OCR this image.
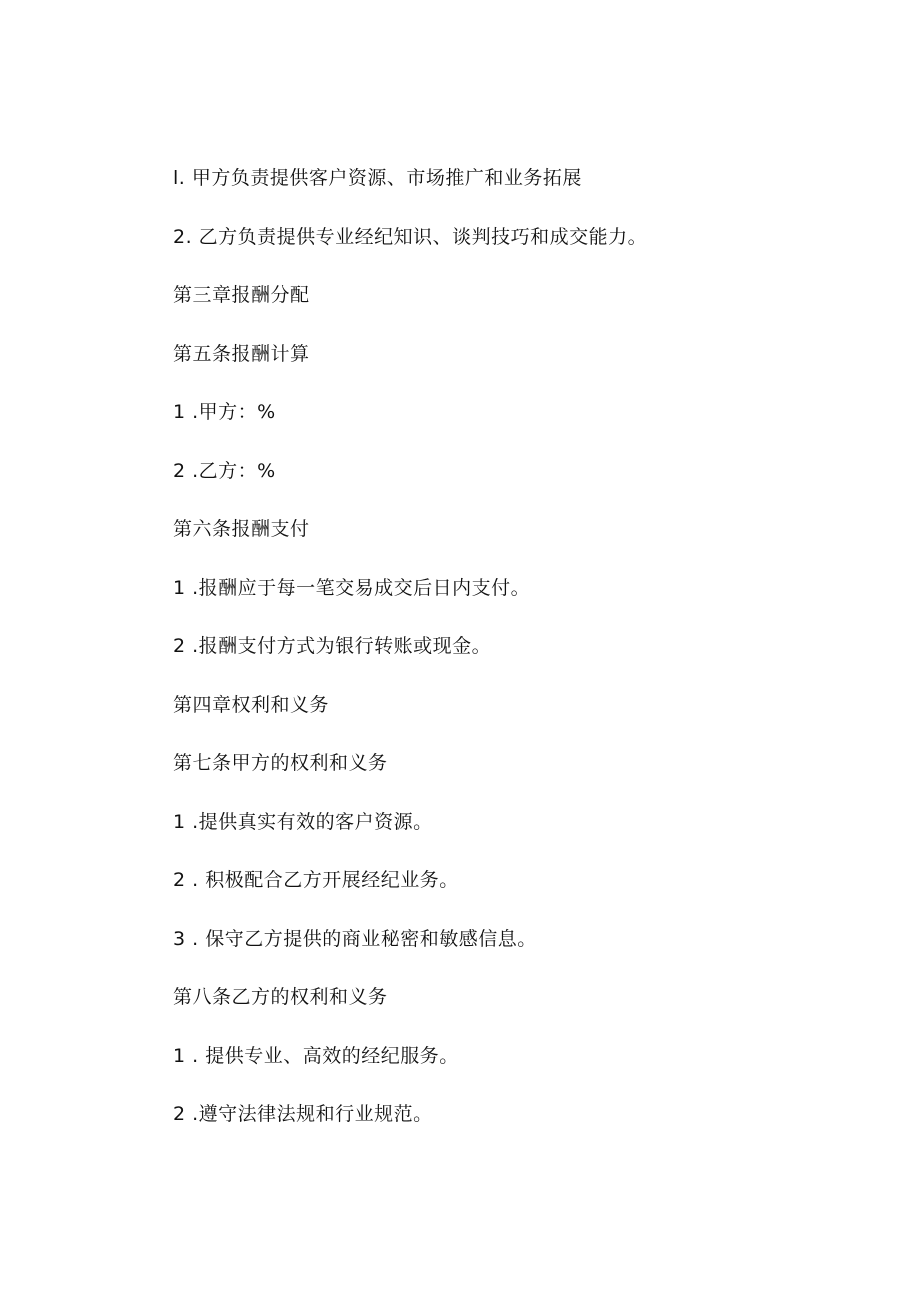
l. 甲方负责提供客户资源、市场推广和业务拓展

2. 乙方负责提供专业经纪知识、谈判技巧和成交能力。

第三章报酬分配

第五条报酬计算

1 .甲方：%

2 .乙方：%

第六条报酬支付

1 .报酬应于每一笔交易成交后日内支付。

2 .报酬支付方式为银行转账或现金。

第四章权利和义务

第七条甲方的权利和义务

1 .提供真实有效的客户资源。

2 . 积极配合乙方开展经纪业务。

3 . 保守乙方提供的商业秘密和敏感信息。

第八条乙方的权利和义务

1 . 提供专业、高效的经纪服务。

2 .遵守法律法规和行业规范。
